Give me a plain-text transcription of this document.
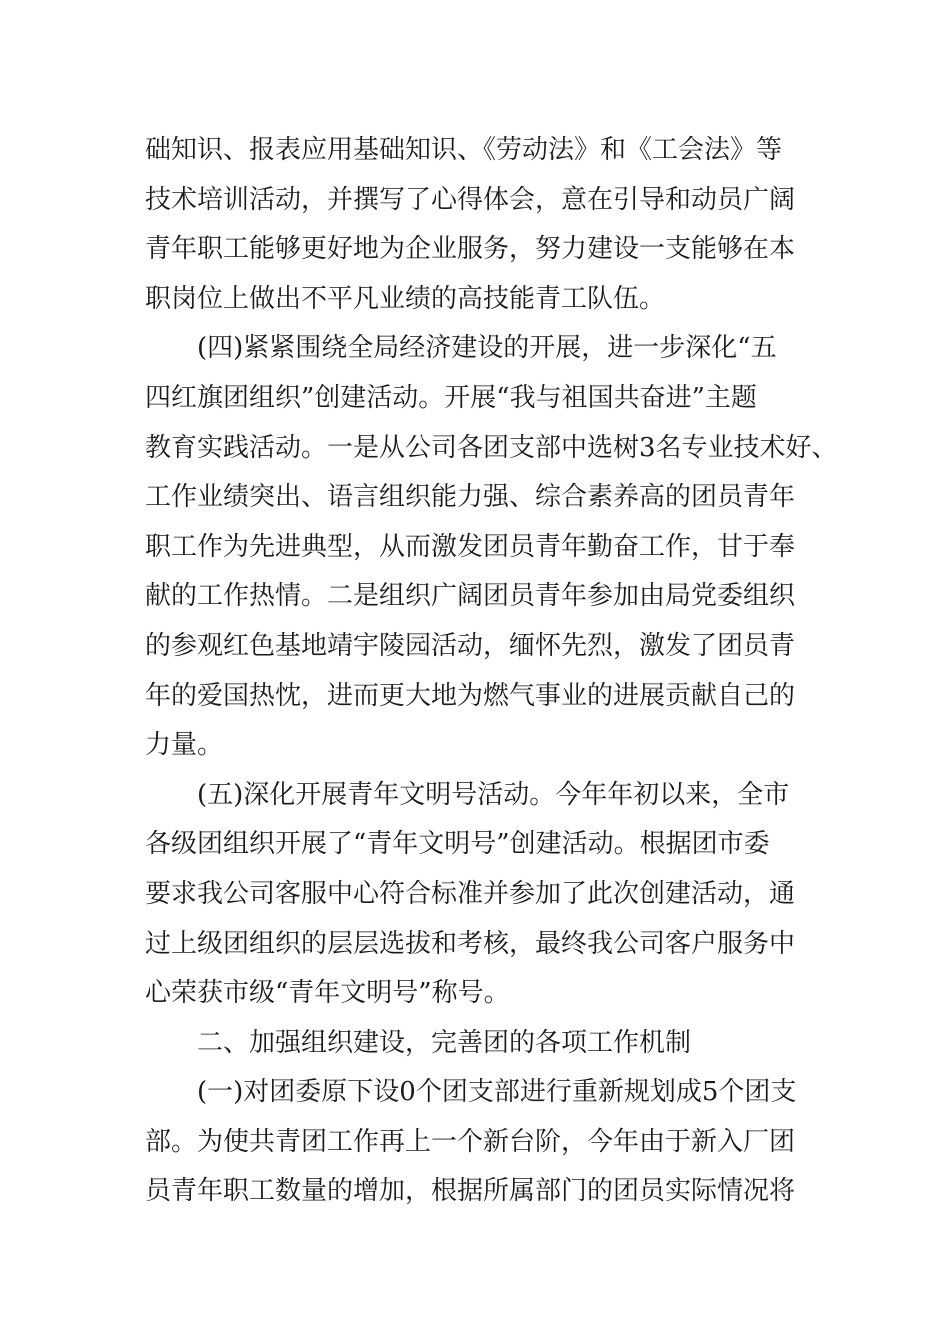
础知识、报表应用基础知识、《劳动法》和《工会法》等
技术培训活动，并撰写了心得体会，意在引导和动员广阔
青年职工能够更好地为企业服务，努力建设一支能够在本
职岗位上做出不平凡业绩的高技能青工队伍。
(四)紧紧围绕全局经济建设的开展，进一步深化“五
四红旗团组织”创建活动。开展“我与祖国共奋进”主题
教育实践活动。一是从公司各团支部中选树3名专业技术好、
工作业绩突出、语言组织能力强、综合素养高的团员青年
职工作为先进典型，从而激发团员青年勤奋工作，甘于奉
献的工作热情。二是组织广阔团员青年参加由局党委组织
的参观红色基地靖宇陵园活动，缅怀先烈，激发了团员青
年的爱国热忱，进而更大地为燃气事业的进展贡献自己的
力量。
(五)深化开展青年文明号活动。今年年初以来，全市
各级团组织开展了“青年文明号”创建活动。根据团市委
要求我公司客服中心符合标准并参加了此次创建活动，通
过上级团组织的层层选拔和考核，最终我公司客户服务中
心荣获市级“青年文明号”称号。
二、加强组织建设，完善团的各项工作机制
(一)对团委原下设0个团支部进行重新规划成5个团支
部。为使共青团工作再上一个新台阶，今年由于新入厂团
员青年职工数量的增加，根据所属部门的团员实际情况将
